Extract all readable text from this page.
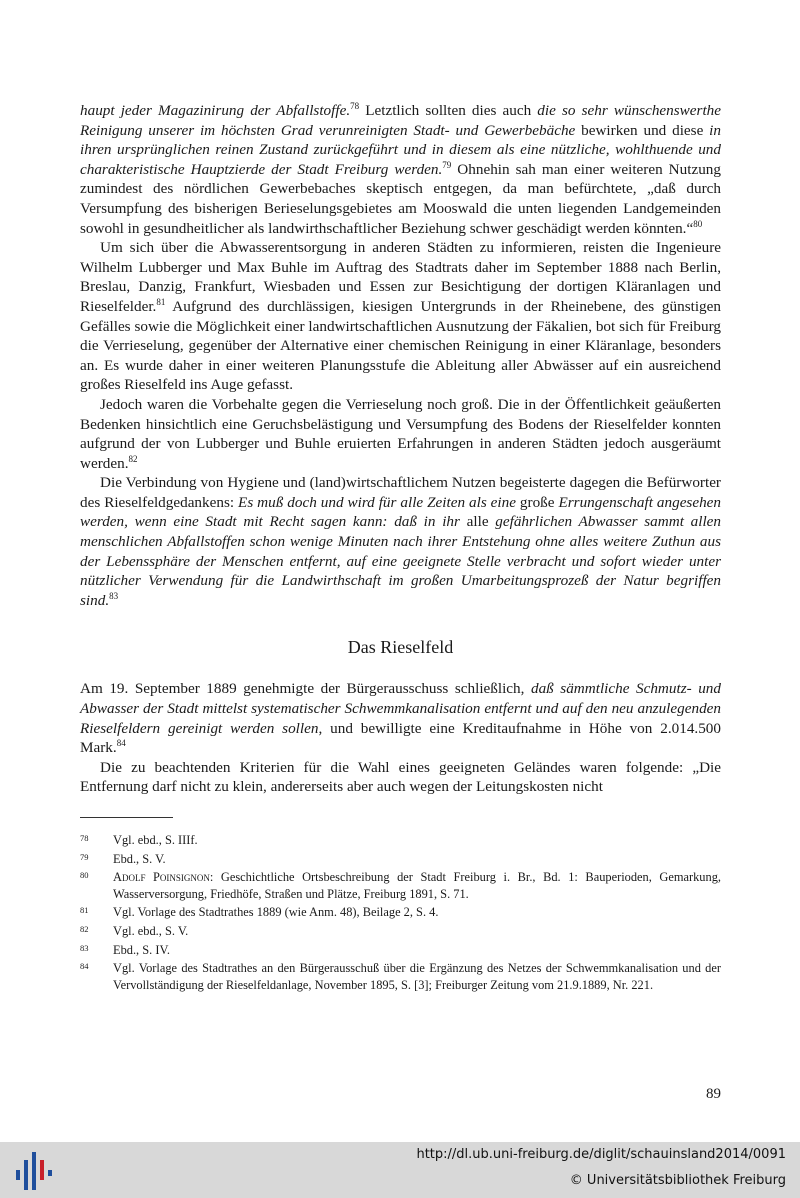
haupt jeder Magazinirung der Abfallstoffe.$^{78}$ Letztlich sollten dies auch die so sehr wünschenswerthe Reinigung unserer im höchsten Grad verunreinigten Stadt- und Gewerbebäche bewirken und diese in ihren ursprünglichen reinen Zustand zurückgeführt und in diesem als eine nützliche, wohlthuende und charakteristische Hauptzierde der Stadt Freiburg werden.$^{79}$ Ohnehin sah man einer weiteren Nutzung zumindest des nördlichen Gewerbebaches skeptisch entgegen, da man befürchtete, „daß durch Versumpfung des bisherigen Berieselungsgebietes am Mooswald die unten liegenden Landgemeinden sowohl in gesundheitlicher als landwirthschaftlicher Beziehung schwer geschädigt werden könnten.“$^{80}$

Um sich über die Abwasserentsorgung in anderen Städten zu informieren, reisten die Ingenieure Wilhelm Lubberger und Max Buhle im Auftrag des Stadtrats daher im September 1888 nach Berlin, Breslau, Danzig, Frankfurt, Wiesbaden und Essen zur Besichtigung der dortigen Kläranlagen und Rieselfelder.$^{81}$ Aufgrund des durchlässigen, kiesigen Untergrunds in der Rheinebene, des günstigen Gefälles sowie die Möglichkeit einer landwirtschaftlichen Ausnutzung der Fäkalien, bot sich für Freiburg die Verrieselung, gegenüber der Alternative einer chemischen Reinigung in einer Kläranlage, besonders an. Es wurde daher in einer weiteren Planungsstufe die Ableitung aller Abwässer auf ein ausreichend großes Rieselfeld ins Auge gefasst.

Jedoch waren die Vorbehalte gegen die Verrieselung noch groß. Die in der Öffentlichkeit geäußerten Bedenken hinsichtlich eine Geruchsbelästigung und Versumpfung des Bodens der Rieselfelder konnten aufgrund der von Lubberger und Buhle eruierten Erfahrungen in anderen Städten jedoch ausgeräumt werden.$^{82}$

Die Verbindung von Hygiene und (land)wirtschaftlichem Nutzen begeisterte dagegen die Befürworter des Rieselfeldgedankens: Es muß doch und wird für alle Zeiten als eine große Errungenschaft angesehen werden, wenn eine Stadt mit Recht sagen kann: daß in ihr alle gefährlichen Abwasser sammt allen menschlichen Abfallstoffen schon wenige Minuten nach ihrer Entstehung ohne alles weitere Zuthun aus der Lebenssphäre der Menschen entfernt, auf eine geeignete Stelle verbracht und sofort wieder unter nützlicher Verwendung für die Landwirthschaft im großen Umarbeitungsprozeß der Natur begriffen sind.$^{83}$

Das Rieselfeld

Am 19. September 1889 genehmigte der Bürgerausschuss schließlich, daß sämmtliche Schmutz- und Abwasser der Stadt mittelst systematischer Schwemmkanalisation entfernt und auf den neu anzulegenden Rieselfeldern gereinigt werden sollen, und bewilligte eine Kreditaufnahme in Höhe von 2.014.500 Mark.$^{84}$

Die zu beachtenden Kriterien für die Wahl eines geeigneten Geländes waren folgende: „Die Entfernung darf nicht zu klein, andererseits aber auch wegen der Leitungskosten nicht

78	Vgl. ebd., S. IIIf.
79	Ebd., S. V.
80	Adolf Poinsignon: Geschichtliche Ortsbeschreibung der Stadt Freiburg i. Br., Bd. 1: Bauperioden, Gemarkung, Wasserversorgung, Friedhöfe, Straßen und Plätze, Freiburg 1891, S. 71.
81	Vgl. Vorlage des Stadtrathes 1889 (wie Anm. 48), Beilage 2, S. 4.
82	Vgl. ebd., S. V.
83	Ebd., S. IV.
84	Vgl. Vorlage des Stadtrathes an den Bürgerausschuß über die Ergänzung des Netzes der Schwemmkanalisation und der Vervollständigung der Rieselfeldanlage, November 1895, S. [3]; Freiburger Zeitung vom 21.9.1889, Nr. 221.
89
http://dl.ub.uni-freiburg.de/diglit/schauinsland2014/0091
© Universitätsbibliothek Freiburg
